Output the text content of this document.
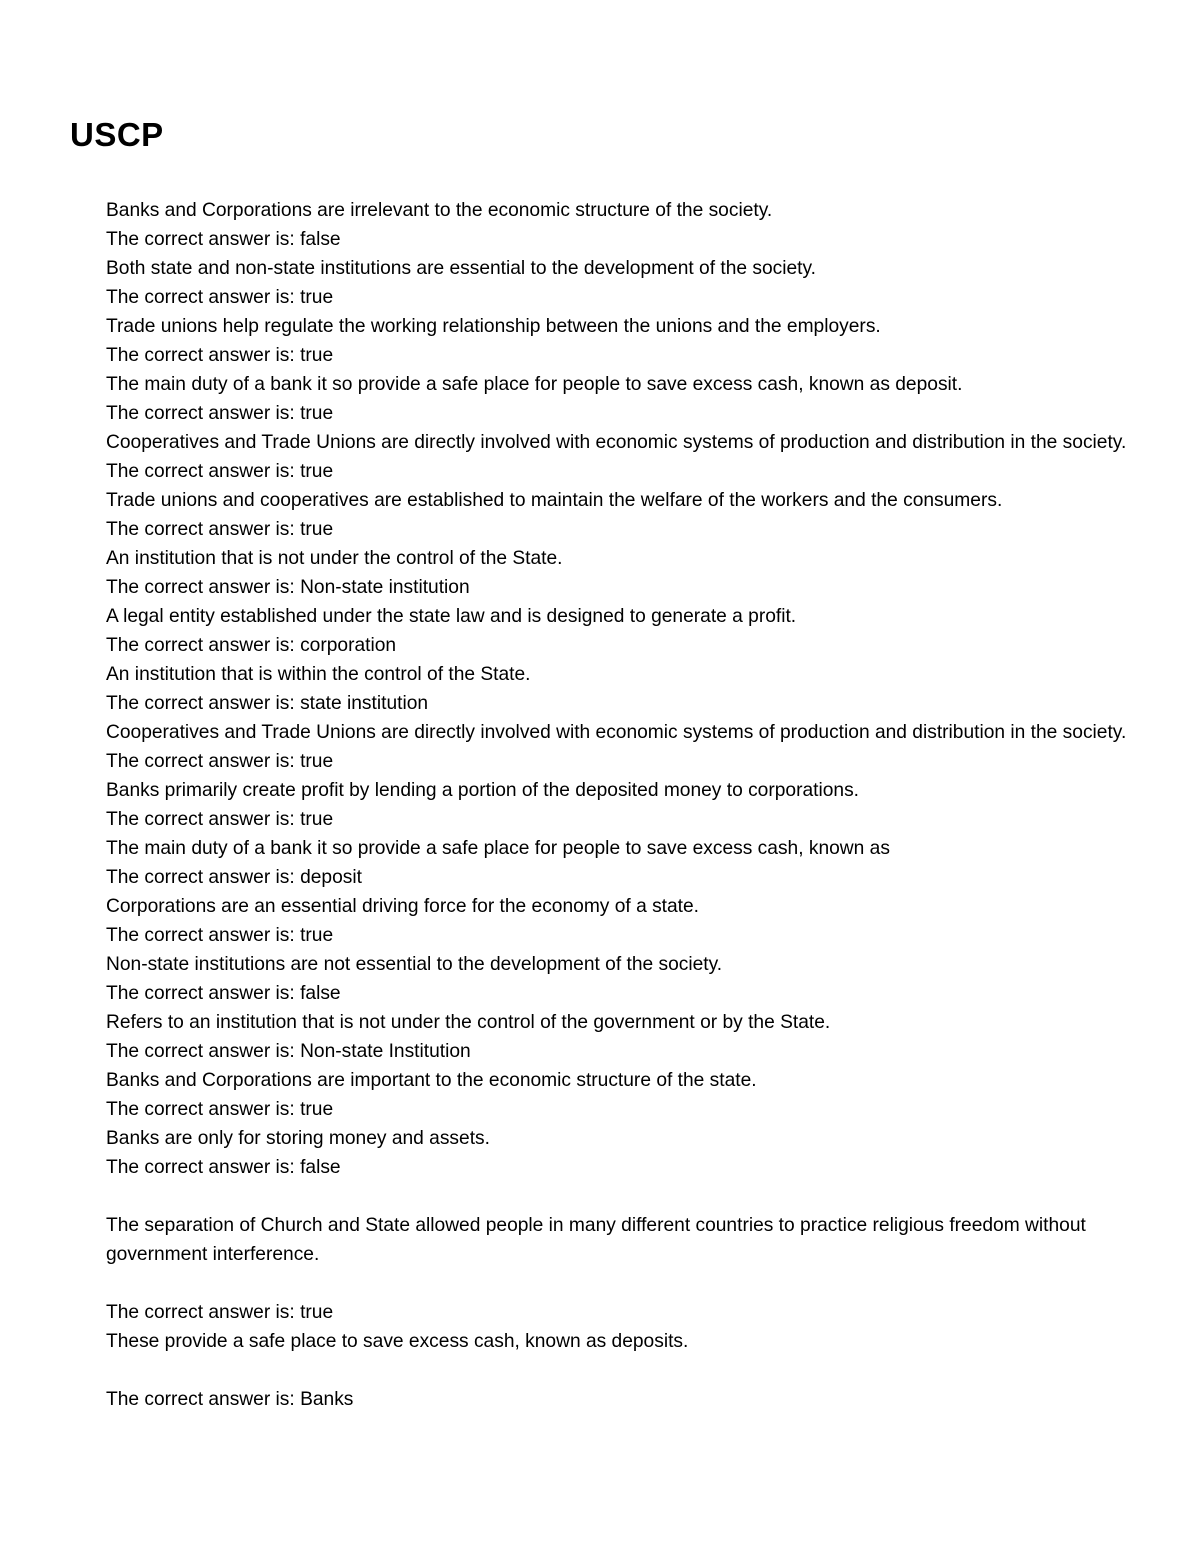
USCP

Banks and Corporations are irrelevant to the economic structure of the society.

The correct answer is: false

Both state and non-state institutions are essential to the development of the society.

The correct answer is: true

Trade unions help regulate the working relationship between the unions and the employers.

The correct answer is: true

The main duty of a bank it so provide a safe place for people to save excess cash, known as deposit.

The correct answer is: true

Cooperatives and Trade Unions are directly involved with economic systems of production and distribution in the society.

The correct answer is: true

Trade unions and cooperatives are established to maintain the welfare of the workers and the consumers.

The correct answer is: true

An institution that is not under the control of the State.

The correct answer is: Non-state institution

A legal entity established under the state law and is designed to generate a profit.

The correct answer is: corporation

An institution that is within the control of the State.

The correct answer is: state institution

Cooperatives and Trade Unions are directly involved with economic systems of production and distribution in the society.

The correct answer is: true

Banks primarily create profit by lending a portion of the deposited money to corporations.

The correct answer is: true

The main duty of a bank it so provide a safe place for people to save excess cash, known as

The correct answer is: deposit

Corporations are an essential driving force for the economy of a state.

The correct answer is: true

Non-state institutions are not essential to the development of the society.

The correct answer is: false

Refers to an institution that is not under the control of the government or by the State.

The correct answer is: Non-state Institution

Banks and Corporations are important to the economic structure of the state.

The correct answer is: true

Banks are only for storing money and assets.

The correct answer is: false

The separation of Church and State allowed people in many different countries to practice religious freedom without government interference.

The correct answer is: true

These provide a safe place to save excess cash, known as deposits.

The correct answer is: Banks
